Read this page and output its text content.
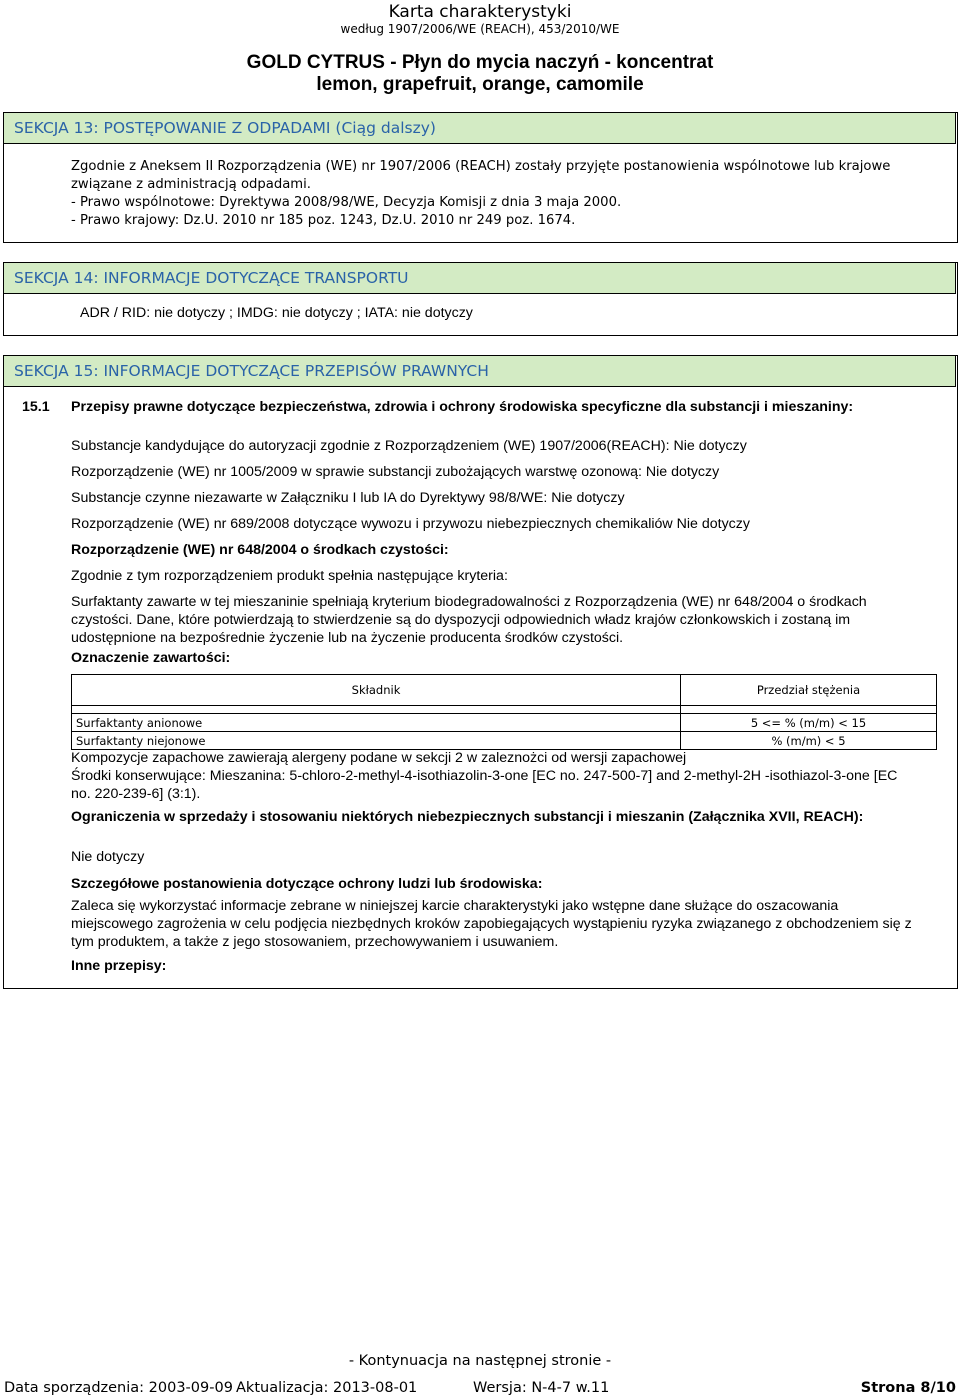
Karta charakterystyki
według 1907/2006/WE (REACH), 453/2010/WE
GOLD CYTRUS - Płyn do mycia naczyń - koncentrat
lemon, grapefruit, orange, camomile
SEKCJA 13: POSTĘPOWANIE Z ODPADAMI (Ciąg dalszy)
Zgodnie z Aneksem II Rozporządzenia (WE) nr 1907/2006 (REACH) zostały przyjęte postanowienia wspólnotowe lub krajowe
związane z administracją odpadami.
- Prawo wspólnotowe: Dyrektywa 2008/98/WE, Decyzja Komisji z dnia 3 maja 2000.
- Prawo krajowy: Dz.U. 2010 nr 185 poz. 1243, Dz.U. 2010 nr 249 poz. 1674.
SEKCJA 14: INFORMACJE DOTYCZĄCE TRANSPORTU
ADR / RID: nie dotyczy ; IMDG: nie dotyczy ; IATA: nie dotyczy
SEKCJA 15: INFORMACJE DOTYCZĄCE PRZEPISÓW PRAWNYCH
15.1 Przepisy prawne dotyczące bezpieczeństwa, zdrowia i ochrony środowiska specyficzne dla substancji i mieszaniny:
Substancje kandydujące do autoryzacji zgodnie z Rozporządzeniem (WE) 1907/2006(REACH): Nie dotyczy
Rozporządzenie (WE) nr 1005/2009 w sprawie substancji zubożających warstwę ozonową: Nie dotyczy
Substancje czynne niezawarte w Załączniku I lub IA do Dyrektywy 98/8/WE: Nie dotyczy
Rozporządzenie (WE) nr 689/2008 dotyczące wywozu i przywozu niebezpiecznych chemikaliów Nie dotyczy
Rozporządzenie (WE) nr 648/2004 o środkach czystości:
Zgodnie z tym rozporządzeniem produkt spełnia następujące kryteria:
Surfaktanty zawarte w tej mieszaninie spełniają kryterium biodegradowalności z Rozporządzenia (WE) nr 648/2004 o środkach
czystości. Dane, które potwierdzają to stwierdzenie są do dyspozycji odpowiednich władz krajów członkowskich i zostaną im
udostępnione na bezpośrednie życzenie lub na życzenie producenta środków czystości.
Oznaczenie zawartości:
Składnik	Przedział stężenia

Surfaktanty anionowe	5 <= % (m/m) < 15
Surfaktanty niejonowe	% (m/m) < 5
Kompozycje zapachowe zawierają alergeny podane w sekcji 2 w zaleznożci od wersji zapachowej
Środki konserwujące: Mieszanina: 5-chloro-2-methyl-4-isothiazolin-3-one [EC no. 247-500-7] and 2-methyl-2H -isothiazol-3-one [EC
no. 220-239-6] (3:1).
Ograniczenia w sprzedaży i stosowaniu niektórych niebezpiecznych substancji i mieszanin (Załącznika XVII, REACH):
Nie dotyczy
Szczegółowe postanowienia dotyczące ochrony ludzi lub środowiska:
Zaleca się wykorzystać informacje zebrane w niniejszej karcie charakterystyki jako wstępne dane służące do oszacowania
miejscowego zagrożenia w celu podjęcia niezbędnych kroków zapobiegających wystąpieniu ryzyka związanego z obchodzeniem się z
tym produktem, a także z jego stosowaniem, przechowywaniem i usuwaniem.
Inne przepisy:
- Kontynuacja na następnej stronie -
Data sporządzenia: 2003-09-09 Aktualizacja: 2013-08-01	Wersja: N-4-7 w.11	Strona 8/10
